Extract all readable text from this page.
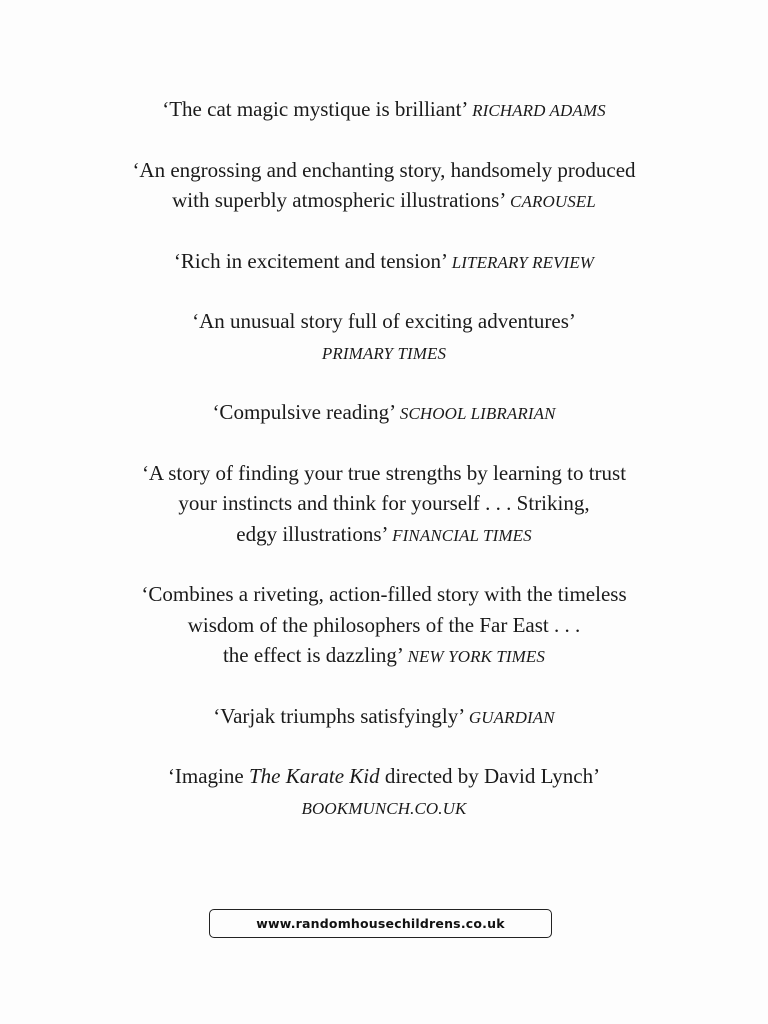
‘The cat magic mystique is brilliant’ RICHARD ADAMS
‘An engrossing and enchanting story, handsomely produced
with superbly atmospheric illustrations’ CAROUSEL
‘Rich in excitement and tension’ LITERARY REVIEW
‘An unusual story full of exciting adventures’
PRIMARY TIMES
‘Compulsive reading’ SCHOOL LIBRARIAN
‘A story of finding your true strengths by learning to trust
your instincts and think for yourself . . . Striking,
edgy illustrations’ FINANCIAL TIMES
‘Combines a riveting, action-filled story with the timeless
wisdom of the philosophers of the Far East . . .
the effect is dazzling’ NEW YORK TIMES
‘Varjak triumphs satisfyingly’ GUARDIAN
‘Imagine The Karate Kid directed by David Lynch’
BOOKMUNCH.CO.UK
www.randomhousechildrens.co.uk
